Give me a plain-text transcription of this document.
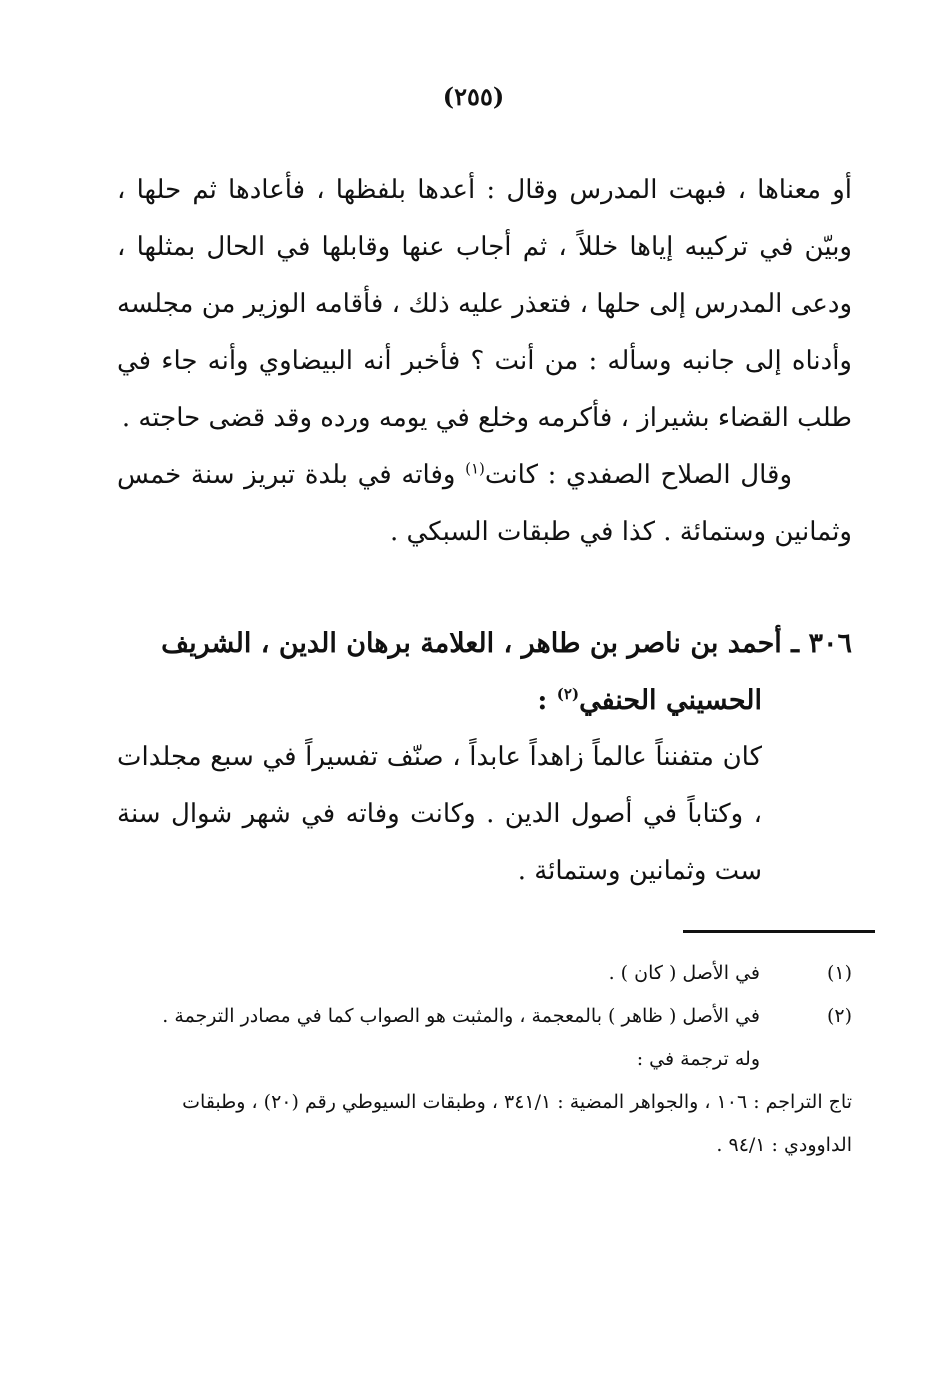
(٢٥٥)

أو معناها ، فبهت المدرس وقال : أعدها بلفظها ، فأعادها ثم حلها ، وبيّن في تركيبه إياها خللاً ، ثم أجاب عنها وقابلها في الحال بمثلها ، ودعى المدرس إلى حلها ، فتعذر عليه ذلك ، فأقامه الوزير من مجلسه وأدناه إلى جانبه وسأله : من أنت ؟ فأخبر أنه البيضاوي وأنه جاء في طلب القضاء بشيراز ، فأكرمه وخلع في يومه ورده وقد قضى حاجته .

وقال الصلاح الصفدي : كانت$^{(١)}$ وفاته في بلدة تبريز سنة خمس وثمانين وستمائة . كذا في طبقات السبكي .

٣٠٦ ـ أحمد بن ناصر بن طاهر ، العلامة برهان الدين ، الشريف
الحسيني الحنفي$^{(٢)}$ :

كان متفنناً عالماً زاهداً عابداً ، صنّف تفسيراً في سبع مجلدات ، وكتاباً في أصول الدين . وكانت وفاته في شهر شوال سنة ست وثمانين وستمائة .

(١)
في الأصل ( كان ) .
(٢)
في الأصل ( ظاهر ) بالمعجمة ، والمثبت هو الصواب كما في مصادر الترجمة .
وله ترجمة في :
تاج التراجم : ١٠٦ ، والجواهر المضية : ٣٤١/١ ، وطبقات السيوطي رقم (٢٠) ، وطبقات الداوودي : ٩٤/١ .
